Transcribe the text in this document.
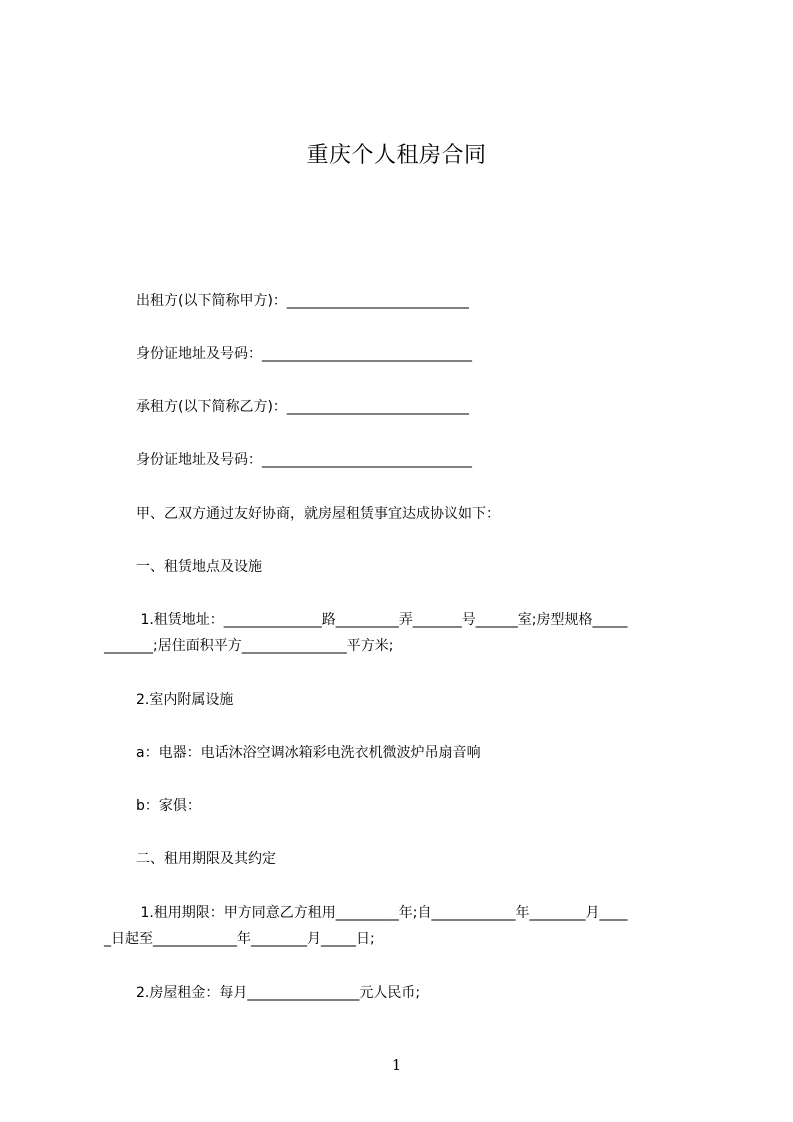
重庆个人租房合同

出租方(以下简称甲方)：__________________________

身份证地址及号码：______________________________

承租方(以下简称乙方)：__________________________

身份证地址及号码：______________________________

甲、乙双方通过友好协商，就房屋租赁事宜达成协议如下：

一、租赁地点及设施

1.租赁地址：______________路_________弄_______号______室;房型规格_____

_______;居住面积平方_______________平方米;

2.室内附属设施

a：电器：电话沐浴空调冰箱彩电洗衣机微波炉吊扇音响

b：家俱：

二、租用期限及其约定

1.租用期限：甲方同意乙方租用_________年;自____________年________月____

_日起至____________年________月_____日;

2.房屋租金：每月________________元人民币;

1
